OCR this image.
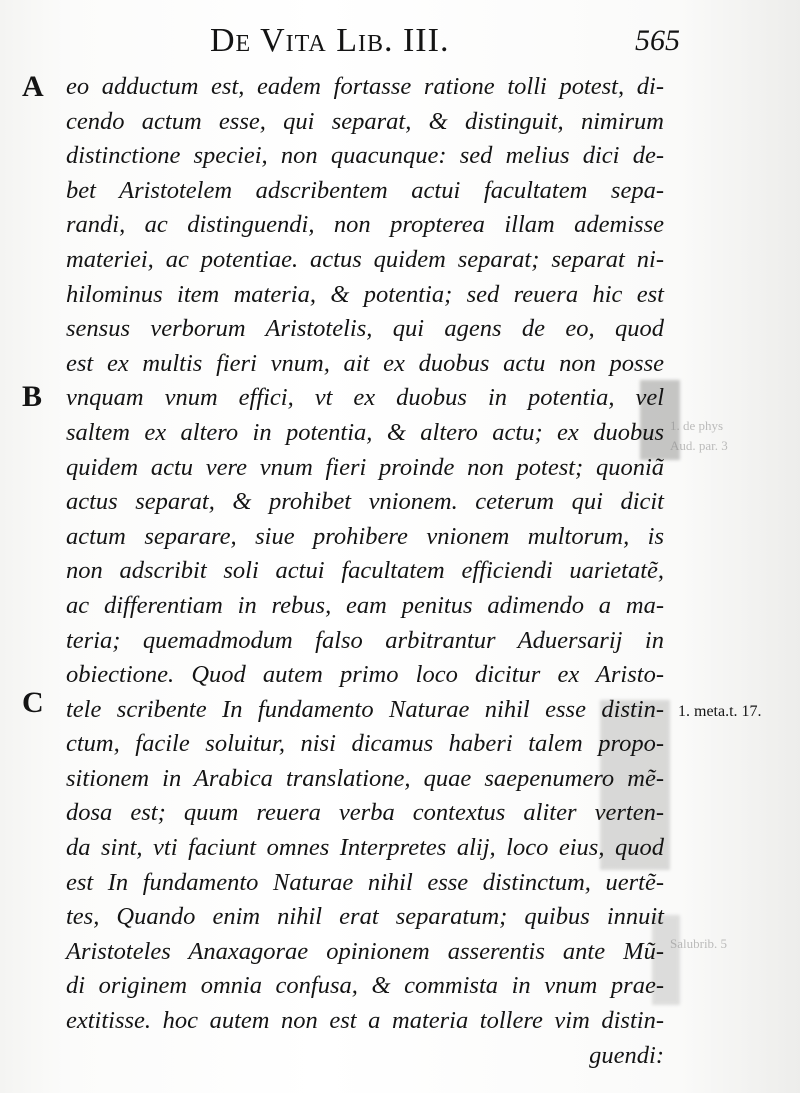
1. de phys
Aud. par. 3
Salubrib. 5
De Vita Lib. III.	565
A
B
C	1. meta.t. 17.
eo adductum est, eadem fortasse ratione tolli potest, di-
cendo actum esse, qui separat, & distinguit, nimirum
distinctione speciei, non quacunque: sed melius dici de-
bet Aristotelem adscribentem actui facultatem sepa-
randi, ac distinguendi, non propterea illam ademisse
materiei, ac potentiae. actus quidem separat; separat ni-
hilominus item materia, & potentia; sed reuera hic est
sensus verborum Aristotelis, qui agens de eo, quod
est ex multis fieri vnum, ait ex duobus actu non posse
vnquam vnum effici, vt ex duobus in potentia, vel
saltem ex altero in potentia, & altero actu; ex duobus
quidem actu vere vnum fieri proinde non potest; quoniã
actus separat, & prohibet vnionem. ceterum qui dicit
actum separare, siue prohibere vnionem multorum, is
non adscribit soli actui facultatem efficiendi uarietatẽ,
ac differentiam in rebus, eam penitus adimendo a ma-
teria; quemadmodum falso arbitrantur Aduersarij in
obiectione. Quod autem primo loco dicitur ex Aristo-
tele scribente In fundamento Naturae nihil esse distin-
ctum, facile soluitur, nisi dicamus haberi talem propo-
sitionem in Arabica translatione, quae saepenumero mẽ-
dosa est; quum reuera verba contextus aliter verten-
da sint, vti faciunt omnes Interpretes alij, loco eius, quod
est In fundamento Naturae nihil esse distinctum, uertẽ-
tes, Quando enim nihil erat separatum; quibus innuit
Aristoteles Anaxagorae opinionem asserentis ante Mũ-
di originem omnia confusa, & commista in vnum prae-
extitisse. hoc autem non est a materia tollere vim distin-
guendi:
